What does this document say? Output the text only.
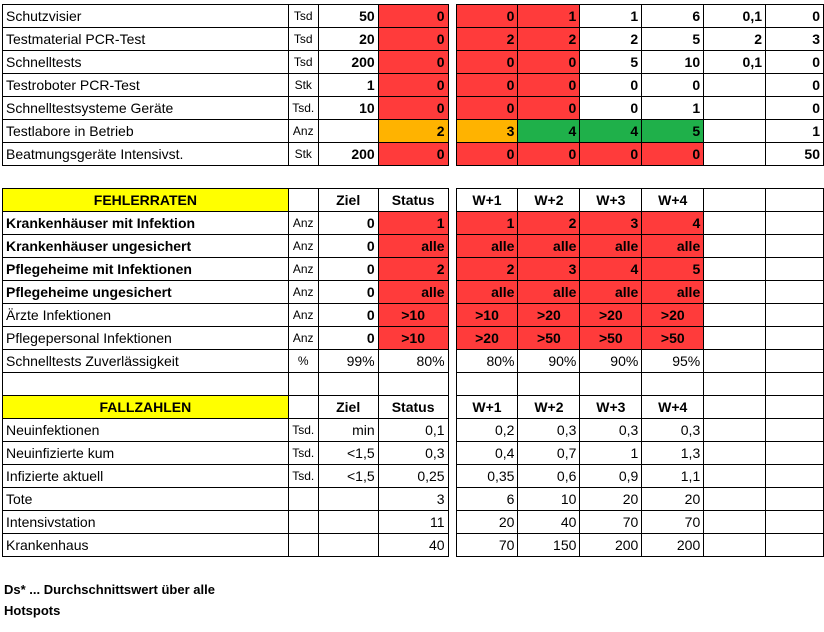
Schutzvisier	Tsd	50	0		0	1	1	6	0,1	0
Testmaterial PCR-Test	Tsd	20	0		2	2	2	5	2	3
Schnelltests	Tsd	200	0		0	0	5	10	0,1	0
Testroboter PCR-Test	Stk	1	0		0	0	0	0		0
Schnelltestsysteme Geräte	Tsd.	10	0		0	0	0	1		0
Testlabore in Betrieb	Anz		2		3	4	4	5		1
Beatmungsgeräte Intensivst.	Stk	200	0		0	0	0	0		50
FEHLERRATEN		Ziel	Status		W+1	W+2	W+3	W+4		
Krankenhäuser mit Infektion	Anz	0	1		1	2	3	4		
Krankenhäuser ungesichert	Anz	0	alle		alle	alle	alle	alle		
Pflegeheime mit Infektionen	Anz	0	2		2	3	4	5		
Pflegeheime ungesichert	Anz	0	alle		alle	alle	alle	alle		
Ärzte Infektionen	Anz	0	>10		>10	>20	>20	>20		
Pflegepersonal Infektionen	Anz	0	>10		>20	>50	>50	>50		
Schnelltests Zuverlässigkeit	%	99%	80%		80%	90%	90%	95%		

FALLZAHLEN		Ziel	Status		W+1	W+2	W+3	W+4		
Neuinfektionen	Tsd.	min	0,1		0,2	0,3	0,3	0,3		
Neuinfizierte kum	Tsd.	<1,5	0,3		0,4	0,7	1	1,3		
Infizierte aktuell	Tsd.	<1,5	0,25		0,35	0,6	0,9	1,1		
Tote			3		6	10	20	20		
Intensivstation			11		20	40	70	70		
Krankenhaus			40		70	150	200	200		
Ds* ... Durchschnittswert über alle
Hotspots
